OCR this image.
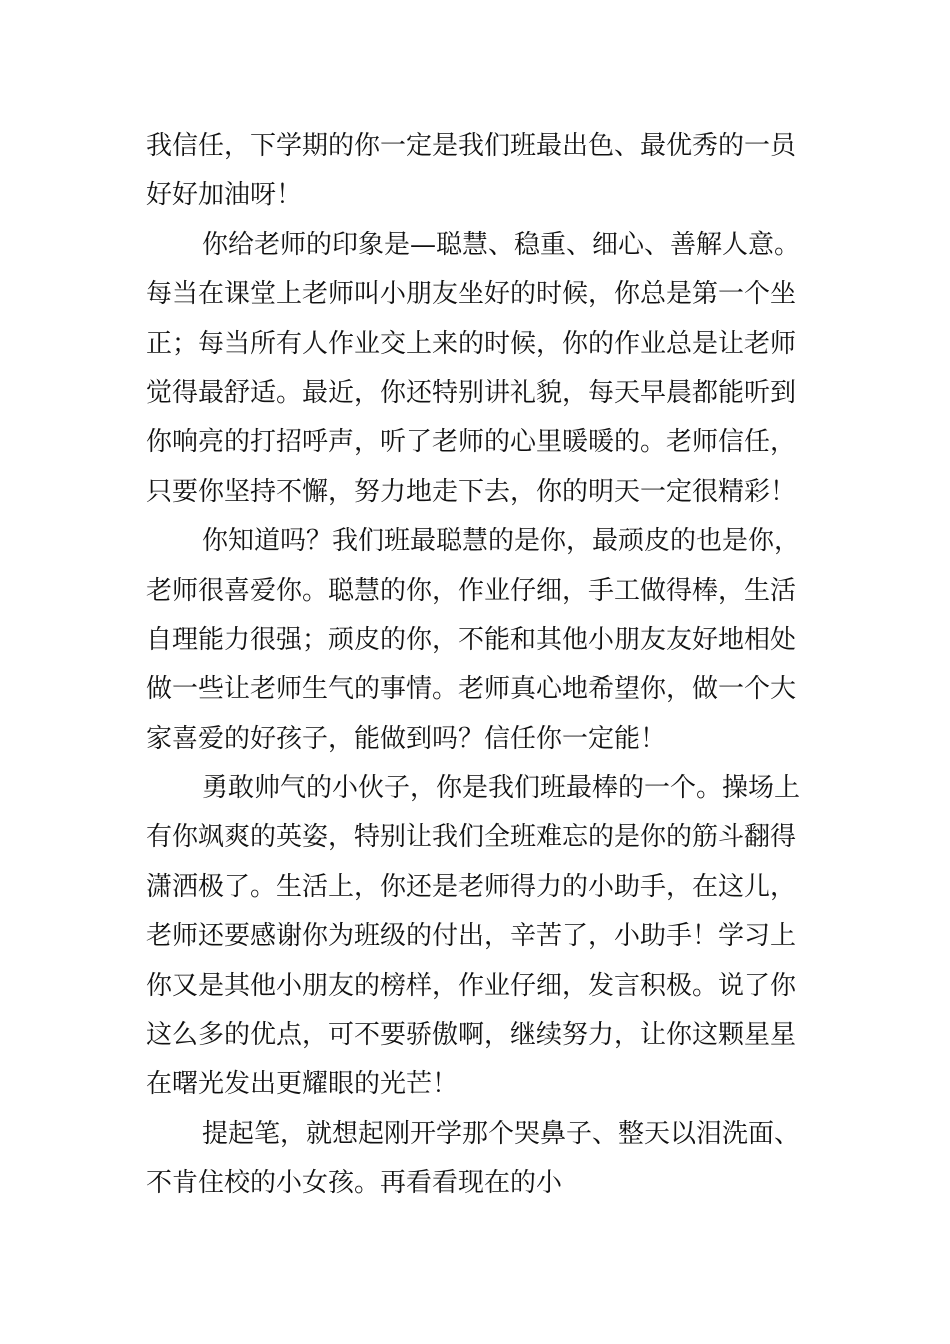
我信任，下学期的你一定是我们班最出色、最优秀的一员
好好加油呀！
你给老师的印象是—聪慧、稳重、细心、善解人意。
每当在课堂上老师叫小朋友坐好的时候，你总是第一个坐
正；每当所有人作业交上来的时候，你的作业总是让老师
觉得最舒适。最近，你还特别讲礼貌，每天早晨都能听到
你响亮的打招呼声，听了老师的心里暖暖的。老师信任，
只要你坚持不懈，努力地走下去，你的明天一定很精彩！
你知道吗？我们班最聪慧的是你，最顽皮的也是你，
老师很喜爱你。聪慧的你，作业仔细，手工做得棒，生活
自理能力很强；顽皮的你，不能和其他小朋友友好地相处
做一些让老师生气的事情。老师真心地希望你，做一个大
家喜爱的好孩子，能做到吗？信任你一定能！
勇敢帅气的小伙子，你是我们班最棒的一个。操场上
有你飒爽的英姿，特别让我们全班难忘的是你的筋斗翻得
潇洒极了。生活上，你还是老师得力的小助手，在这儿，
老师还要感谢你为班级的付出，辛苦了，小助手！学习上
你又是其他小朋友的榜样，作业仔细，发言积极。说了你
这么多的优点，可不要骄傲啊，继续努力，让你这颗星星
在曙光发出更耀眼的光芒！
提起笔，就想起刚开学那个哭鼻子、整天以泪洗面、
不肯住校的小女孩。再看看现在的小
